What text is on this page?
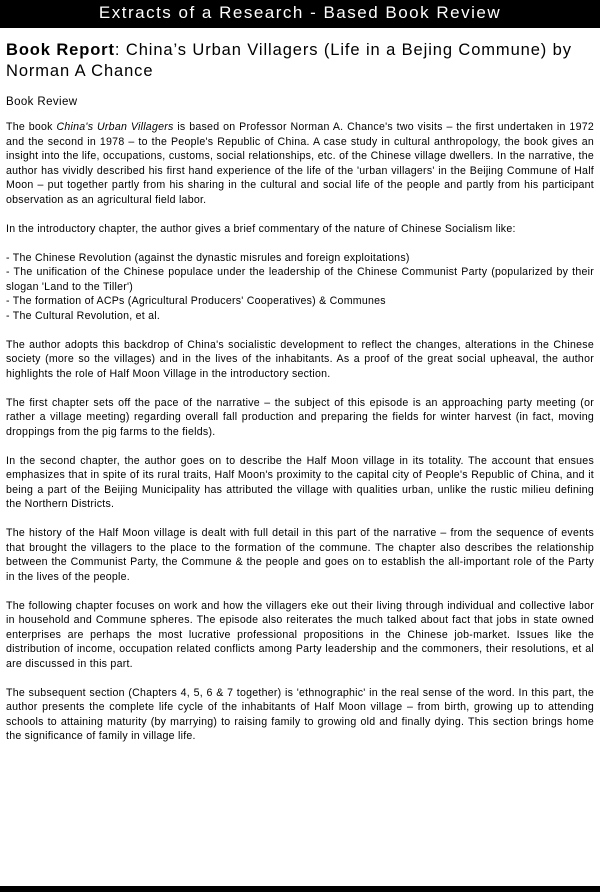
Extracts of a Research - Based Book Review
Book Report: China’s Urban Villagers (Life in a Bejing Commune) by Norman A Chance
Book Review

The book China's Urban Villagers is based on Professor Norman A. Chance's two visits – the first undertaken in 1972 and the second in 1978 – to the People's Republic of China. A case study in cultural anthropology, the book gives an insight into the life, occupations, customs, social relationships, etc. of the Chinese village dwellers. In the narrative, the author has vividly described his first hand experience of the life of the 'urban villagers' in the Beijing Commune of Half Moon – put together partly from his sharing in the cultural and social life of the people and partly from his participant observation as an agricultural field labor.

In the introductory chapter, the author gives a brief commentary of the nature of Chinese Socialism like:

- The Chinese Revolution (against the dynastic misrules and foreign exploitations)
- The unification of the Chinese populace under the leadership of the Chinese Communist Party (popularized by their slogan 'Land to the Tiller')
- The formation of ACPs (Agricultural Producers' Cooperatives) & Communes
- The Cultural Revolution, et al.

The author adopts this backdrop of China's socialistic development to reflect the changes, alterations in the Chinese society (more so the villages) and in the lives of the inhabitants. As a proof of the great social upheaval, the author highlights the role of Half Moon Village in the introductory section.

The first chapter sets off the pace of the narrative – the subject of this episode is an approaching party meeting (or rather a village meeting) regarding overall fall production and preparing the fields for winter harvest (in fact, moving droppings from the pig farms to the fields).

In the second chapter, the author goes on to describe the Half Moon village in its totality. The account that ensues emphasizes that in spite of its rural traits, Half Moon's proximity to the capital city of People's Republic of China, and it being a part of the Beijing Municipality has attributed the village with qualities urban, unlike the rustic milieu defining the Northern Districts.

The history of the Half Moon village is dealt with full detail in this part of the narrative – from the sequence of events that brought the villagers to the place to the formation of the commune. The chapter also describes the relationship between the Communist Party, the Commune & the people and goes on to establish the all-important role of the Party in the lives of the people.

The following chapter focuses on work and how the villagers eke out their living through individual and collective labor in household and Commune spheres. The episode also reiterates the much talked about fact that jobs in state owned enterprises are perhaps the most lucrative professional propositions in the Chinese job-market. Issues like the distribution of income, occupation related conflicts among Party leadership and the commoners, their resolutions, et al are discussed in this part.

The subsequent section (Chapters 4, 5, 6 & 7 together) is 'ethnographic' in the real sense of the word. In this part, the author presents the complete life cycle of the inhabitants of Half Moon village – from birth, growing up to attending schools to attaining maturity (by marrying) to raising family to growing old and finally dying. This section brings home the significance of family in village life.
